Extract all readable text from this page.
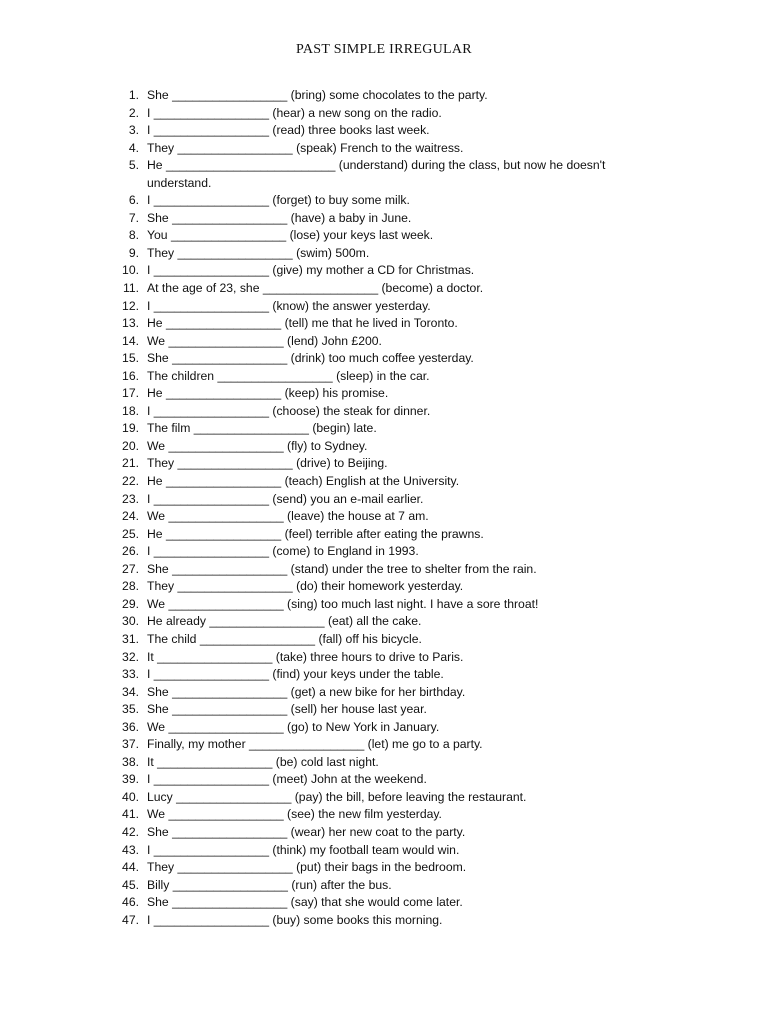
PAST SIMPLE IRREGULAR
1. She _________________ (bring) some chocolates to the party.
2. I _________________ (hear) a new song on the radio.
3. I _________________ (read) three books last week.
4. They _________________ (speak) French to the waitress.
5. He _________________________ (understand) during the class, but now he doesn't understand.
6. I _________________ (forget) to buy some milk.
7. She _________________ (have) a baby in June.
8. You _________________ (lose) your keys last week.
9. They _________________ (swim) 500m.
10. I _________________ (give) my mother a CD for Christmas.
11. At the age of 23, she _________________ (become) a doctor.
12. I _________________ (know) the answer yesterday.
13. He _________________ (tell) me that he lived in Toronto.
14. We _________________ (lend) John £200.
15. She _________________ (drink) too much coffee yesterday.
16. The children _________________ (sleep) in the car.
17. He _________________ (keep) his promise.
18. I _________________ (choose) the steak for dinner.
19. The film _________________ (begin) late.
20. We _________________ (fly) to Sydney.
21. They _________________ (drive) to Beijing.
22. He _________________ (teach) English at the University.
23. I _________________ (send) you an e-mail earlier.
24. We _________________ (leave) the house at 7 am.
25. He _________________ (feel) terrible after eating the prawns.
26. I _________________ (come) to England in 1993.
27. She _________________ (stand) under the tree to shelter from the rain.
28. They _________________ (do) their homework yesterday.
29. We _________________ (sing) too much last night. I have a sore throat!
30. He already _________________ (eat) all the cake.
31. The child _________________ (fall) off his bicycle.
32. It _________________ (take) three hours to drive to Paris.
33. I _________________ (find) your keys under the table.
34. She _________________ (get) a new bike for her birthday.
35. She _________________ (sell) her house last year.
36. We _________________ (go) to New York in January.
37. Finally, my mother _________________ (let) me go to a party.
38. It _________________ (be) cold last night.
39. I _________________ (meet) John at the weekend.
40. Lucy _________________ (pay) the bill, before leaving the restaurant.
41. We _________________ (see) the new film yesterday.
42. She _________________ (wear) her new coat to the party.
43. I _________________ (think) my football team would win.
44. They _________________ (put) their bags in the bedroom.
45. Billy _________________ (run) after the bus.
46. She _________________ (say) that she would come later.
47. I _________________ (buy) some books this morning.
